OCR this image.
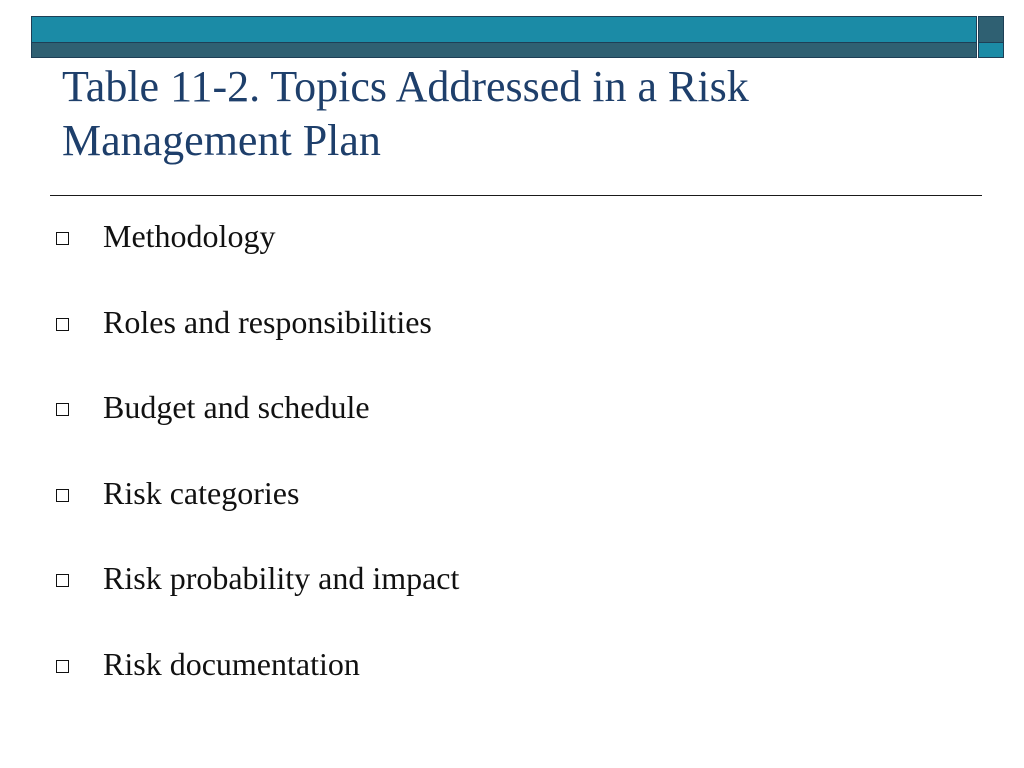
Table 11-2. Topics Addressed in a Risk Management Plan
Methodology
Roles and responsibilities
Budget and schedule
Risk categories
Risk probability and impact
Risk documentation
